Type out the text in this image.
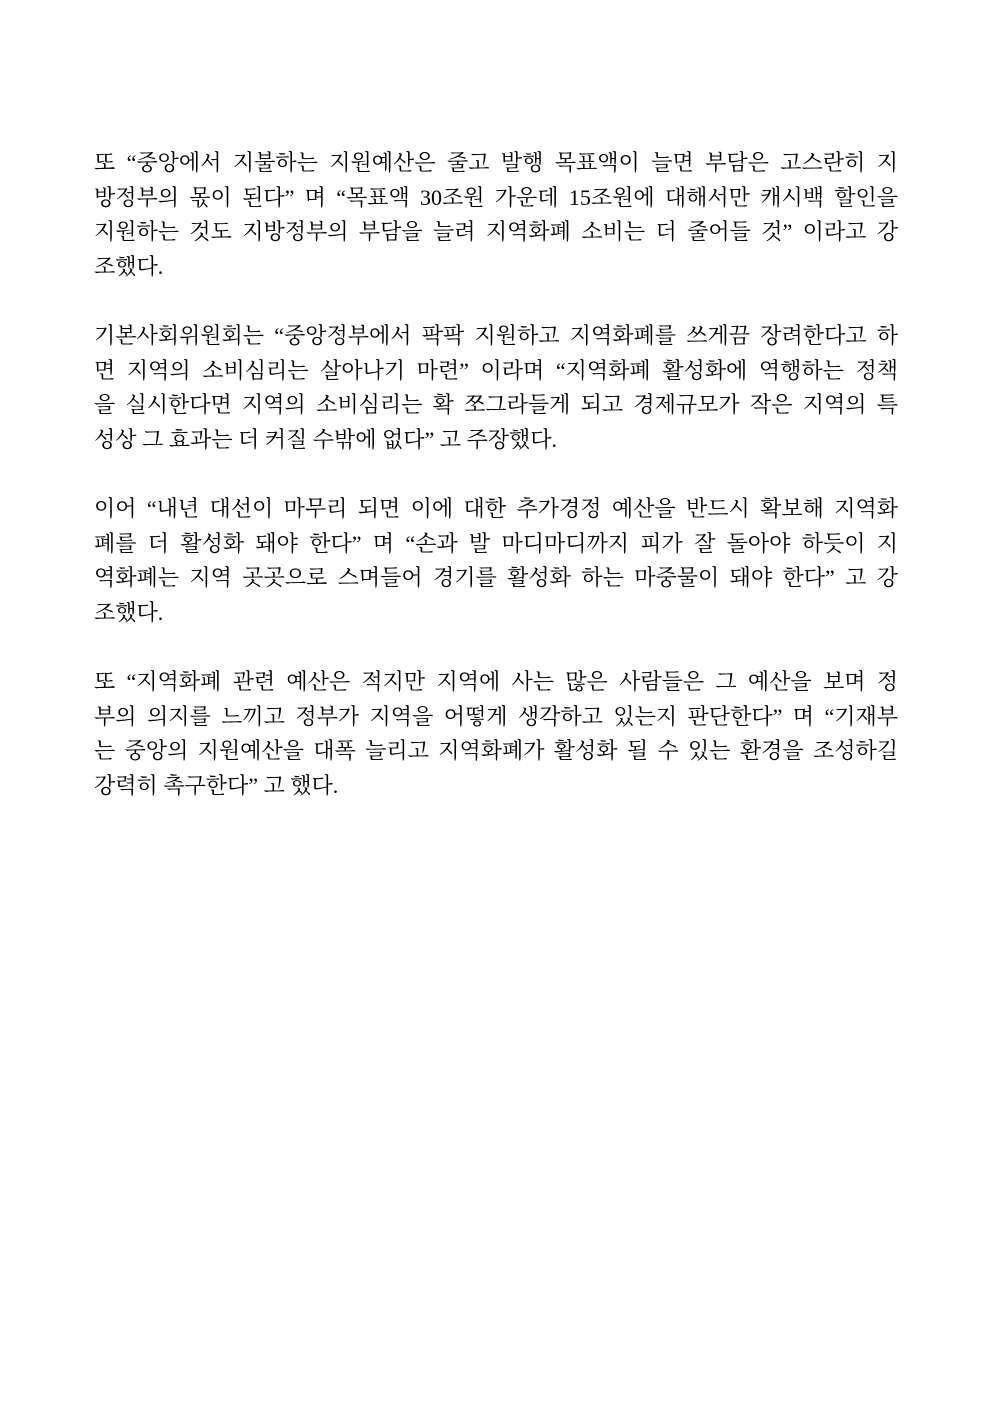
또 “중앙에서 지불하는 지원예산은 줄고 발행 목표액이 늘면 부담은 고스란히 지
방정부의 몫이 된다” 며 “목표액 30조원 가운데 15조원에 대해서만 캐시백 할인을
지원하는 것도 지방정부의 부담을 늘려 지역화폐 소비는 더 줄어들 것” 이라고 강
조했다.

기본사회위원회는 “중앙정부에서 팍팍 지원하고 지역화폐를 쓰게끔 장려한다고 하
면 지역의 소비심리는 살아나기 마련” 이라며 “지역화폐 활성화에 역행하는 정책
을 실시한다면 지역의 소비심리는 확 쪼그라들게 되고 경제규모가 작은 지역의 특
성상 그 효과는 더 커질 수밖에 없다” 고 주장했다.

이어 “내년 대선이 마무리 되면 이에 대한 추가경정 예산을 반드시 확보해 지역화
폐를 더 활성화 돼야 한다” 며 “손과 발 마디마디까지 피가 잘 돌아야 하듯이 지
역화폐는 지역 곳곳으로 스며들어 경기를 활성화 하는 마중물이 돼야 한다” 고 강
조했다.

또 “지역화폐 관련 예산은 적지만 지역에 사는 많은 사람들은 그 예산을 보며 정
부의 의지를 느끼고 정부가 지역을 어떻게 생각하고 있는지 판단한다” 며 “기재부
는 중앙의 지원예산을 대폭 늘리고 지역화폐가 활성화 될 수 있는 환경을 조성하길
강력히 촉구한다” 고 했다.
